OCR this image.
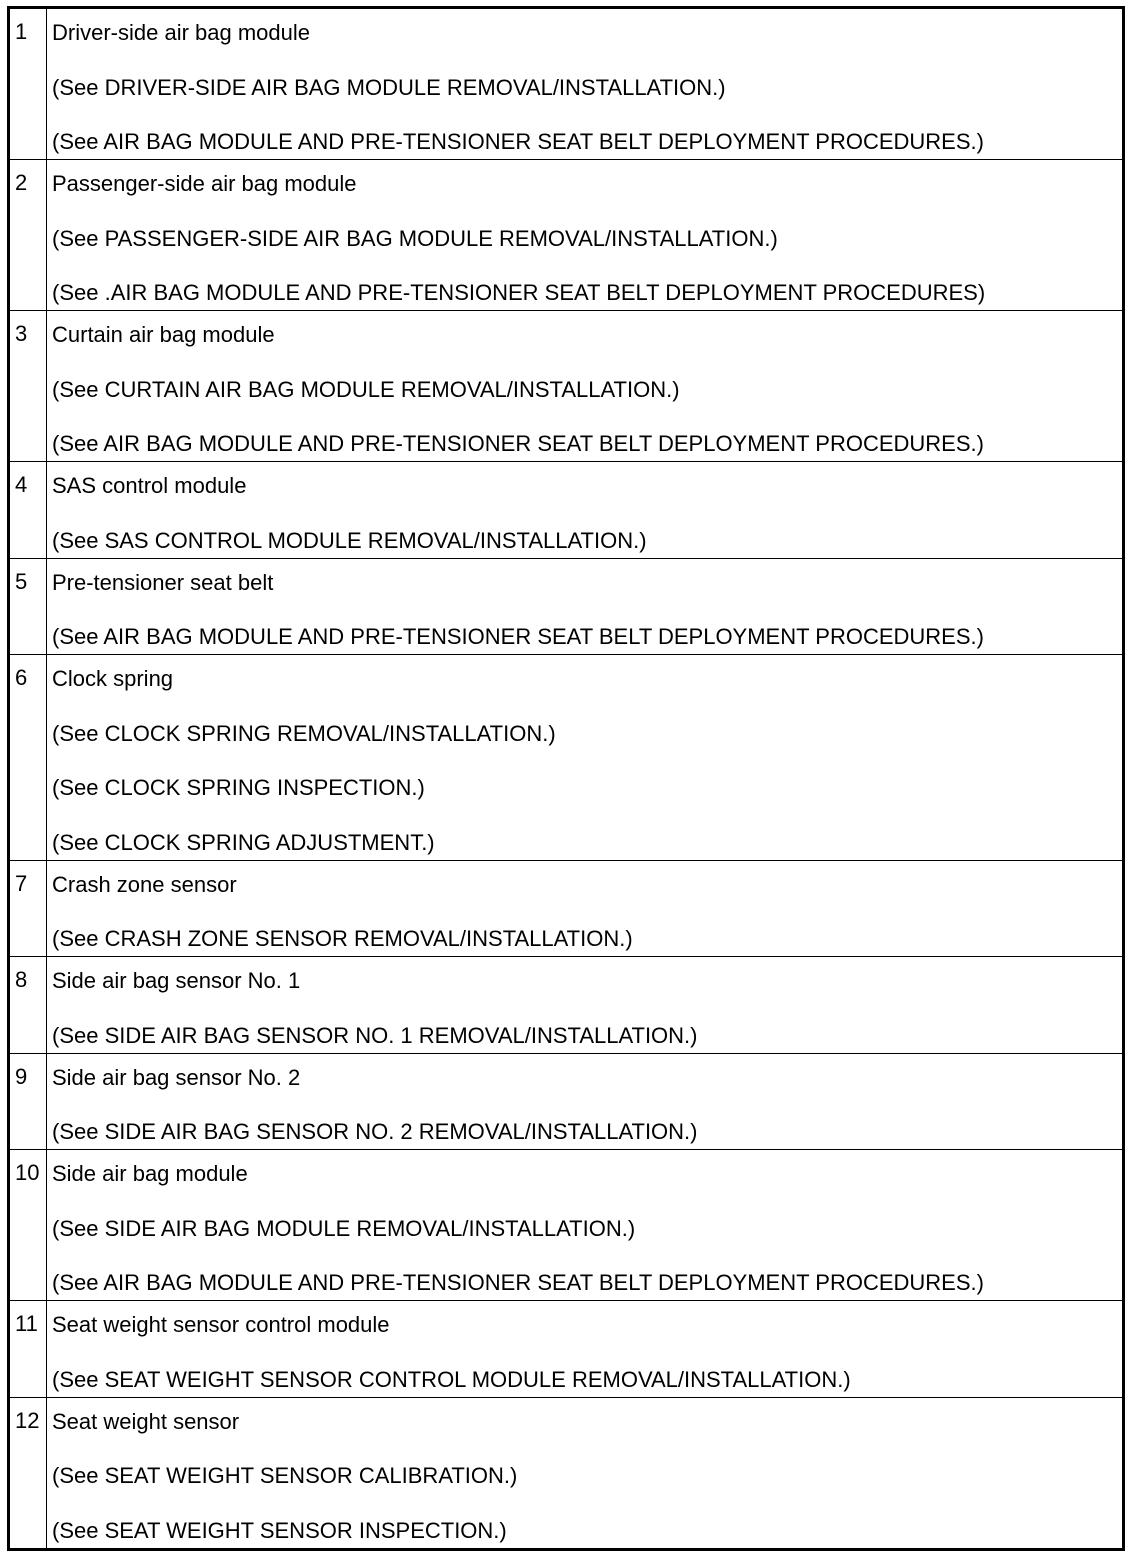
1	Driver-side air bag module
(See DRIVER-SIDE AIR BAG MODULE REMOVAL/INSTALLATION.)
(See AIR BAG MODULE AND PRE-TENSIONER SEAT BELT DEPLOYMENT PROCEDURES.)

2	Passenger-side air bag module
(See PASSENGER-SIDE AIR BAG MODULE REMOVAL/INSTALLATION.)
(See .AIR BAG MODULE AND PRE-TENSIONER SEAT BELT DEPLOYMENT PROCEDURES)

3	Curtain air bag module
(See CURTAIN AIR BAG MODULE REMOVAL/INSTALLATION.)
(See AIR BAG MODULE AND PRE-TENSIONER SEAT BELT DEPLOYMENT PROCEDURES.)

4	SAS control module
(See SAS CONTROL MODULE REMOVAL/INSTALLATION.)

5	Pre-tensioner seat belt
(See AIR BAG MODULE AND PRE-TENSIONER SEAT BELT DEPLOYMENT PROCEDURES.)

6	Clock spring
(See CLOCK SPRING REMOVAL/INSTALLATION.)
(See CLOCK SPRING INSPECTION.)
(See CLOCK SPRING ADJUSTMENT.)

7	Crash zone sensor
(See CRASH ZONE SENSOR REMOVAL/INSTALLATION.)

8	Side air bag sensor No. 1
(See SIDE AIR BAG SENSOR NO. 1 REMOVAL/INSTALLATION.)

9	Side air bag sensor No. 2
(See SIDE AIR BAG SENSOR NO. 2 REMOVAL/INSTALLATION.)

10	Side air bag module
(See SIDE AIR BAG MODULE REMOVAL/INSTALLATION.)
(See AIR BAG MODULE AND PRE-TENSIONER SEAT BELT DEPLOYMENT PROCEDURES.)

11	Seat weight sensor control module
(See SEAT WEIGHT SENSOR CONTROL MODULE REMOVAL/INSTALLATION.)

12	Seat weight sensor
(See SEAT WEIGHT SENSOR CALIBRATION.)
(See SEAT WEIGHT SENSOR INSPECTION.)
